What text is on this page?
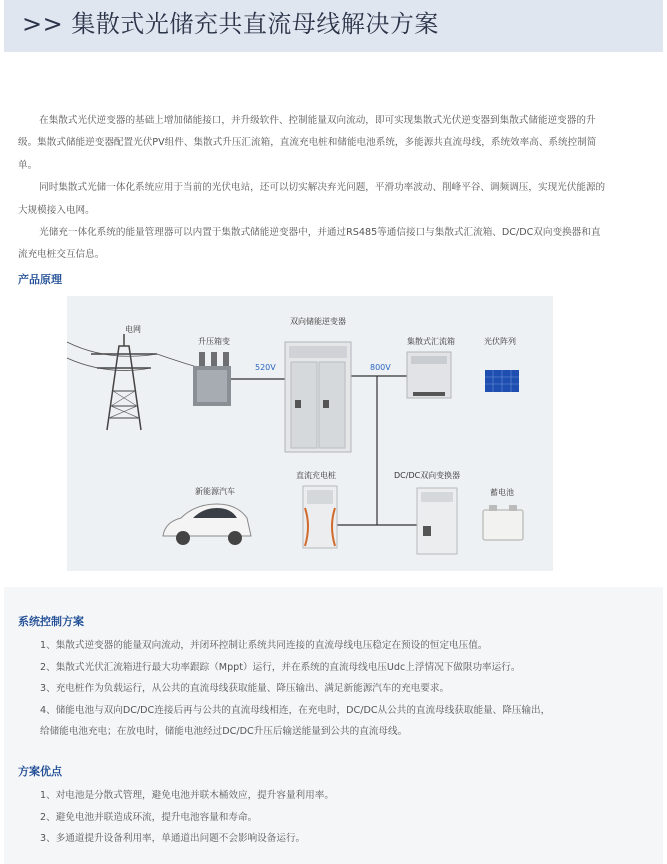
>> 集散式光储充共直流母线解决方案

在集散式光伏逆变器的基础上增加储能接口，并升级软件、控制能量双向流动，即可实现集散式光伏逆变器到集散式储能逆变器的升级。集散式储能逆变器配置光伏PV组件、集散式升压汇流箱，直流充电桩和储能电池系统，多能源共直流母线，系统效率高、系统控制简单。

同时集散式光储一体化系统应用于当前的光伏电站，还可以切实解决弃光问题，平滑功率波动、削峰平谷、调频调压，实现光伏能源的大规模接入电网。

光储充一体化系统的能量管理器可以内置于集散式储能逆变器中，并通过RS485等通信接口与集散式汇流箱、DC/DC双向变换器和直流充电桩交互信息。

产品原理
电网
升压箱变
520V
双向储能逆变器
800V
集散式汇流箱	光伏阵列
新能源汽车
直流充电桩	DC/DC双向变换器
蓄电池
系统控制方案
1、集散式逆变器的能量双向流动，并闭环控制让系统共同连接的直流母线电压稳定在预设的恒定电压值。
2、集散式光伏汇流箱进行最大功率跟踪（Mppt）运行，并在系统的直流母线电压Udc上浮情况下做限功率运行。
3、充电桩作为负载运行，从公共的直流母线获取能量、降压输出、满足新能源汽车的充电要求。
4、储能电池与双向DC/DC连接后再与公共的直流母线相连，在充电时，DC/DC从公共的直流母线获取能量、降压输出，
给储能电池充电；在放电时，储能电池经过DC/DC升压后输送能量到公共的直流母线。
方案优点
1、对电池是分散式管理，避免电池并联木桶效应，提升容量利用率。
2、避免电池并联造成环流，提升电池容量和寿命。
3、多通道提升设备利用率，单通道出问题不会影响设备运行。
